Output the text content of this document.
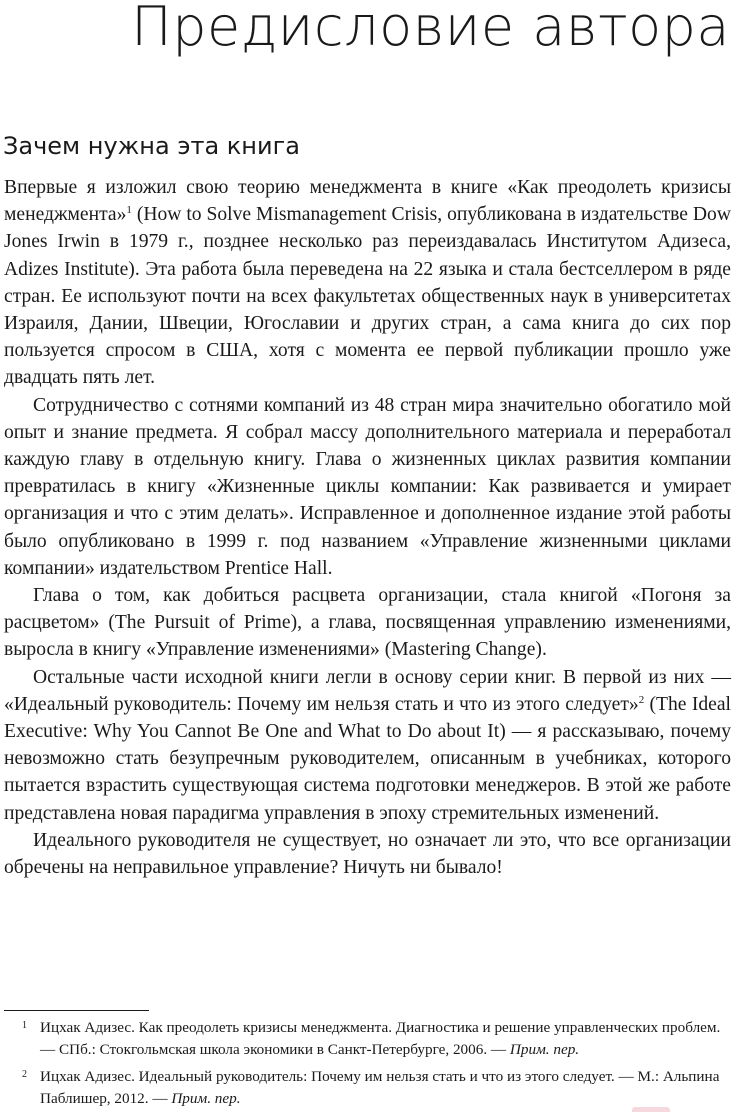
Предисловие автора
Зачем нужна эта книга

Впервые я изложил свою теорию менеджмента в книге «Как преодолеть кризисы менеджмента»$^1$ (How to Solve Mismanagement Crisis, опубликована в издательстве Dow Jones Irwin в 1979 г., позднее несколько раз переиздавалась Институтом Адизеса, Adizes Institute). Эта работа была переведена на 22 языка и стала бестселлером в ряде стран. Ее используют почти на всех факультетах общественных наук в университетах Израиля, Дании, Швеции, Югославии и других стран, а сама книга до сих пор пользуется спросом в США, хотя с момента ее первой публикации прошло уже двадцать пять лет.

Сотрудничество с сотнями компаний из 48 стран мира значительно обогатило мой опыт и знание предмета. Я собрал массу дополнительного материала и переработал каждую главу в отдельную книгу. Глава о жизненных циклах развития компании превратилась в книгу «Жизненные циклы компании: Как развивается и умирает организация и что с этим делать». Исправленное и дополненное издание этой работы было опубликовано в 1999 г. под названием «Управление жизненными циклами компании» издательством Prentice Hall.

Глава о том, как добиться расцвета организации, стала книгой «Погоня за расцветом» (The Pursuit of Prime), а глава, посвященная управлению изменениями, выросла в книгу «Управление изменениями» (Mastering Change).

Остальные части исходной книги легли в основу серии книг. В первой из них — «Идеальный руководитель: Почему им нельзя стать и что из этого следует»$^2$ (The Ideal Executive: Why You Cannot Be One and What to Do about It) — я рассказываю, почему невозможно стать безупречным руководителем, описанным в учебниках, которого пытается взрастить существующая система подготовки менеджеров. В этой же работе представлена новая парадигма управления в эпоху стремительных изменений.

Идеального руководителя не существует, но означает ли это, что все организации обречены на неправильное управление? Ничуть ни бывало!

1 Ицхак Адизес. Как преодолеть кризисы менеджмента. Диагностика и решение управленческих проблем. — СПб.: Стокгольмская школа экономики в Санкт-Петербурге, 2006. — Прим. пер.

2 Ицхак Адизес. Идеальный руководитель: Почему им нельзя стать и что из этого следует. — М.: Альпина Паблишер, 2012. — Прим. пер.
